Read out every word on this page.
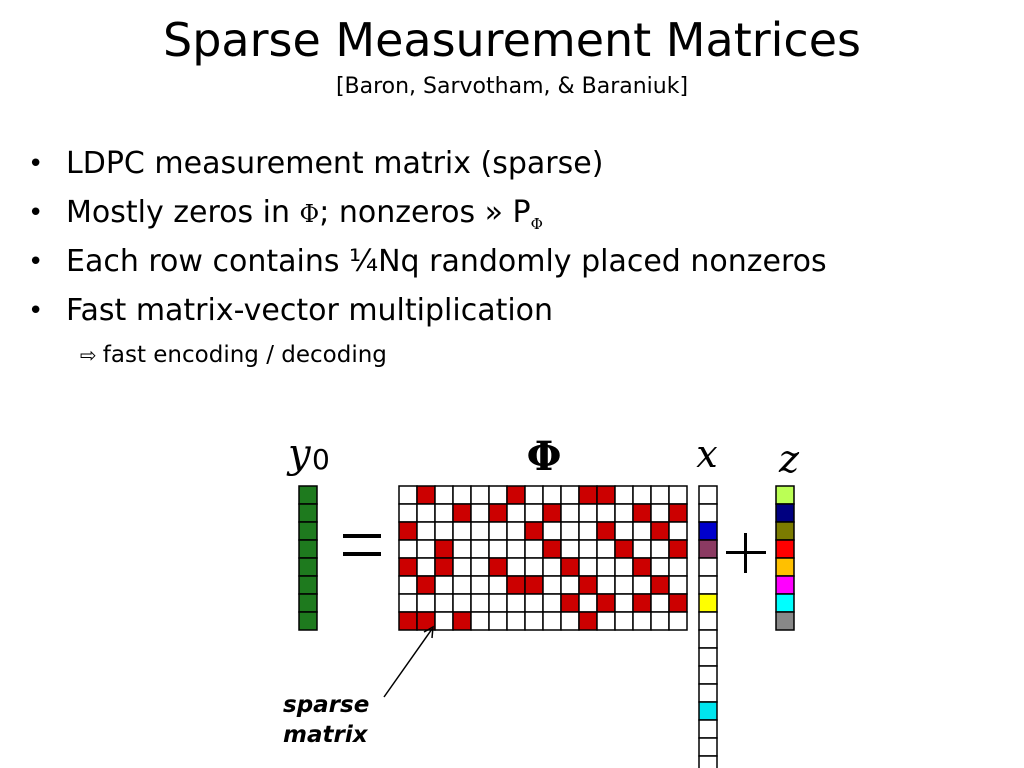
Sparse Measurement Matrices
[Baron, Sarvotham, & Baraniuk]
• LDPC measurement matrix (sparse)
• Mostly zeros in Φ; nonzeros » $P_\Phi$
• Each row contains ¼Nq randomly placed nonzeros
• Fast matrix-vector multiplication
⇨ fast encoding / decoding
y 0	Φ	x z
sparse
matrix
